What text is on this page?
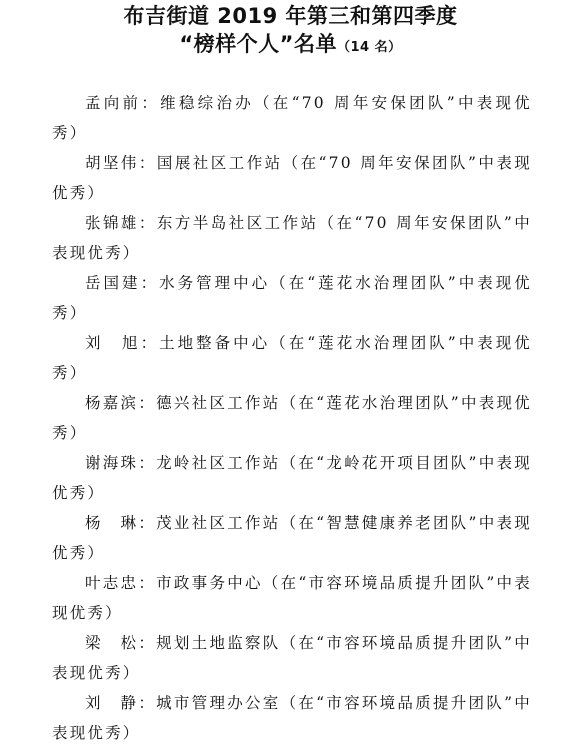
布吉街道 2019 年第三和第四季度
“榜样个人”名单（14 名）

孟向前：维稳综治办（在“70 周年安保团队”中表现优秀）

胡坚伟：国展社区工作站（在“70 周年安保团队”中表现优秀）

张锦雄：东方半岛社区工作站（在“70 周年安保团队”中表现优秀）

岳国建：水务管理中心（在“莲花水治理团队”中表现优秀）

刘　旭：土地整备中心（在“莲花水治理团队”中表现优秀）

杨嘉滨：德兴社区工作站（在“莲花水治理团队”中表现优秀）

谢海珠：龙岭社区工作站（在“龙岭花开项目团队”中表现优秀）

杨　琳：茂业社区工作站（在“智慧健康养老团队”中表现优秀）

叶志忠：市政事务中心（在“市容环境品质提升团队”中表现优秀）

梁　松：规划土地监察队（在“市容环境品质提升团队”中表现优秀）

刘　静：城市管理办公室（在“市容环境品质提升团队”中表现优秀）
